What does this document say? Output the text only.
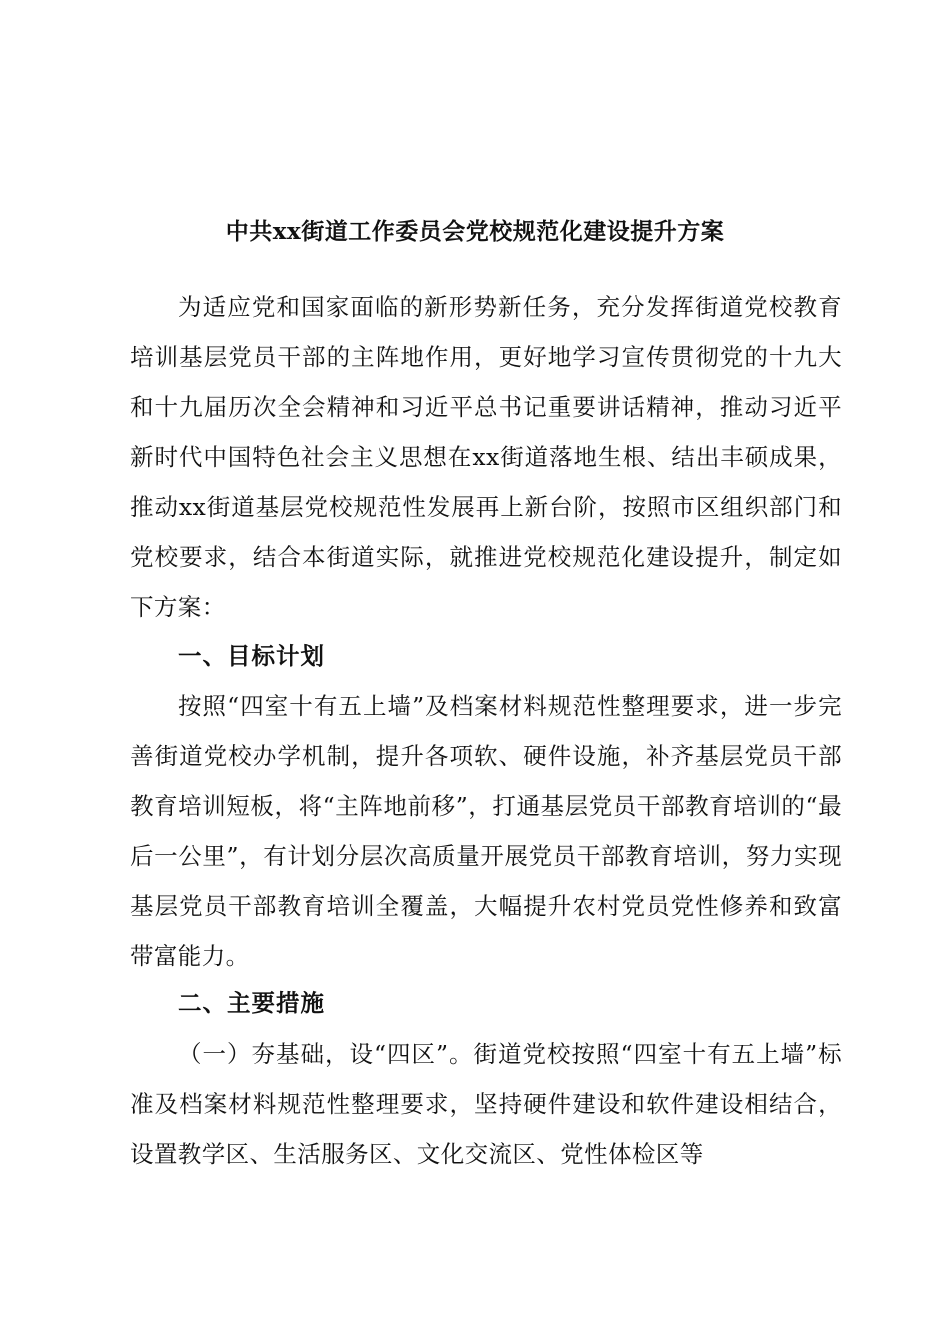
中共xx街道工作委员会党校规范化建设提升方案

为适应党和国家面临的新形势新任务，充分发挥街道党校教育培训基层党员干部的主阵地作用，更好地学习宣传贯彻党的十九大和十九届历次全会精神和习近平总书记重要讲话精神，推动习近平新时代中国特色社会主义思想在xx街道落地生根、结出丰硕成果，推动xx街道基层党校规范性发展再上新台阶，按照市区组织部门和党校要求，结合本街道实际，就推进党校规范化建设提升，制定如下方案：

一、目标计划

按照“四室十有五上墙”及档案材料规范性整理要求，进一步完善街道党校办学机制，提升各项软、硬件设施，补齐基层党员干部教育培训短板，将“主阵地前移”，打通基层党员干部教育培训的“最后一公里”，有计划分层次高质量开展党员干部教育培训，努力实现基层党员干部教育培训全覆盖，大幅提升农村党员党性修养和致富带富能力。

二、主要措施

（一）夯基础，设“四区”。街道党校按照“四室十有五上墙”标准及档案材料规范性整理要求，坚持硬件建设和软件建设相结合，设置教学区、生活服务区、文化交流区、党性体检区等
